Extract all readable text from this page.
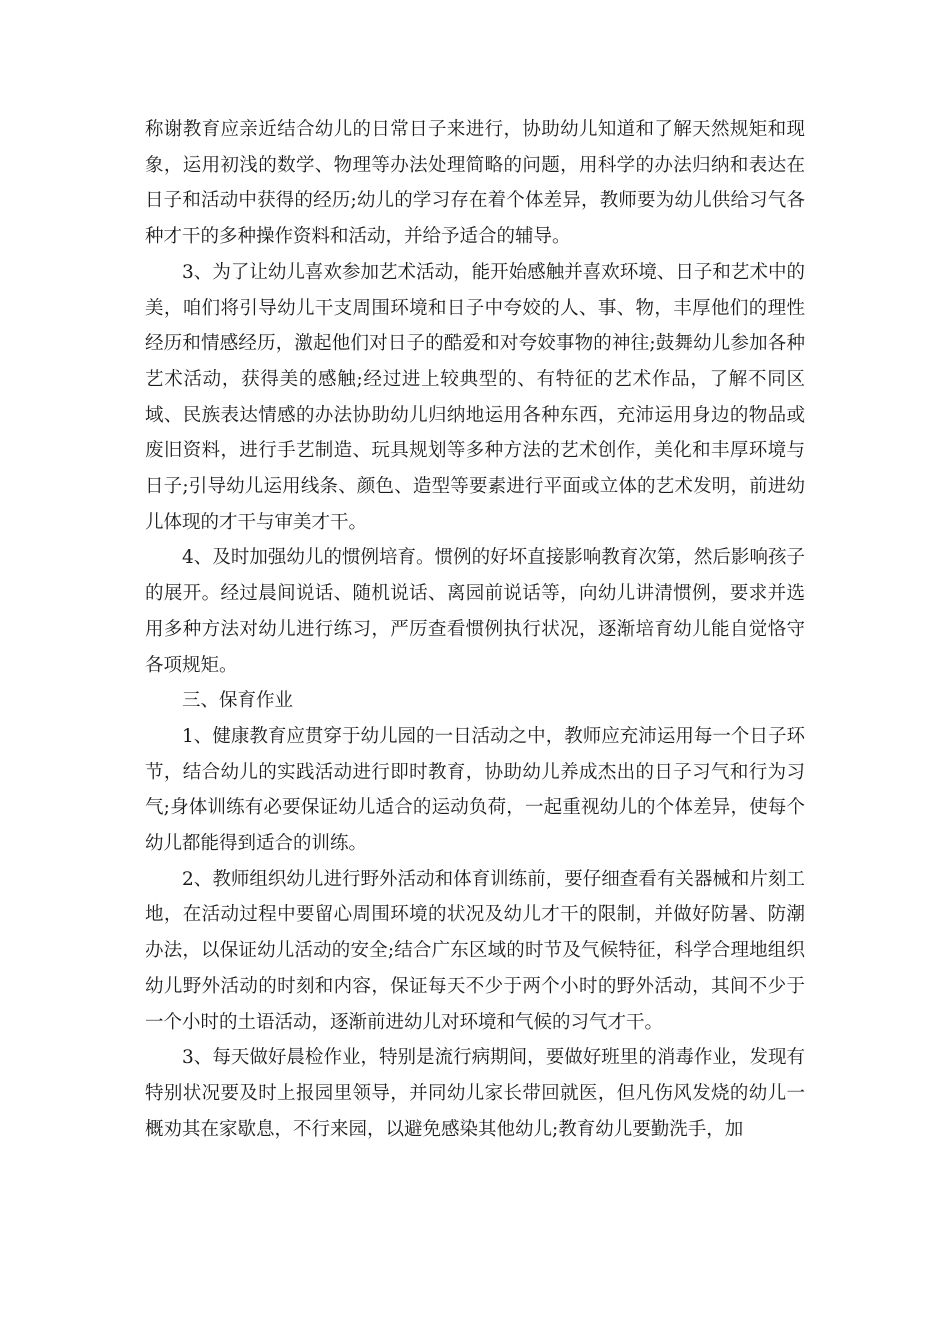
称谢教育应亲近结合幼儿的日常日子来进行，协助幼儿知道和了解天然规矩和现象，运用初浅的数学、物理等办法处理简略的问题，用科学的办法归纳和表达在日子和活动中获得的经历;幼儿的学习存在着个体差异，教师要为幼儿供给习气各种才干的多种操作资料和活动，并给予适合的辅导。

3、为了让幼儿喜欢参加艺术活动，能开始感触并喜欢环境、日子和艺术中的美，咱们将引导幼儿干支周围环境和日子中夸姣的人、事、物，丰厚他们的理性经历和情感经历，激起他们对日子的酷爱和对夸姣事物的神往;鼓舞幼儿参加各种艺术活动，获得美的感触;经过进上较典型的、有特征的艺术作品，了解不同区域、民族表达情感的办法协助幼儿归纳地运用各种东西，充沛运用身边的物品或废旧资料，进行手艺制造、玩具规划等多种方法的艺术创作，美化和丰厚环境与日子;引导幼儿运用线条、颜色、造型等要素进行平面或立体的艺术发明，前进幼儿体现的才干与审美才干。

4、及时加强幼儿的惯例培育。惯例的好坏直接影响教育次第，然后影响孩子的展开。经过晨间说话、随机说话、离园前说话等，向幼儿讲清惯例，要求并选用多种方法对幼儿进行练习，严厉查看惯例执行状况，逐渐培育幼儿能自觉恪守各项规矩。

三、保育作业

1、健康教育应贯穿于幼儿园的一日活动之中，教师应充沛运用每一个日子环节，结合幼儿的实践活动进行即时教育，协助幼儿养成杰出的日子习气和行为习气;身体训练有必要保证幼儿适合的运动负荷，一起重视幼儿的个体差异，使每个幼儿都能得到适合的训练。

2、教师组织幼儿进行野外活动和体育训练前，要仔细查看有关器械和片刻工地，在活动过程中要留心周围环境的状况及幼儿才干的限制，并做好防暑、防潮办法，以保证幼儿活动的安全;结合广东区域的时节及气候特征，科学合理地组织幼儿野外活动的时刻和内容，保证每天不少于两个小时的野外活动，其间不少于一个小时的土语活动，逐渐前进幼儿对环境和气候的习气才干。

3、每天做好晨检作业，特别是流行病期间，要做好班里的消毒作业，发现有特别状况要及时上报园里领导，并同幼儿家长带回就医，但凡伤风发烧的幼儿一概劝其在家歇息，不行来园，以避免感染其他幼儿;教育幼儿要勤洗手，加
